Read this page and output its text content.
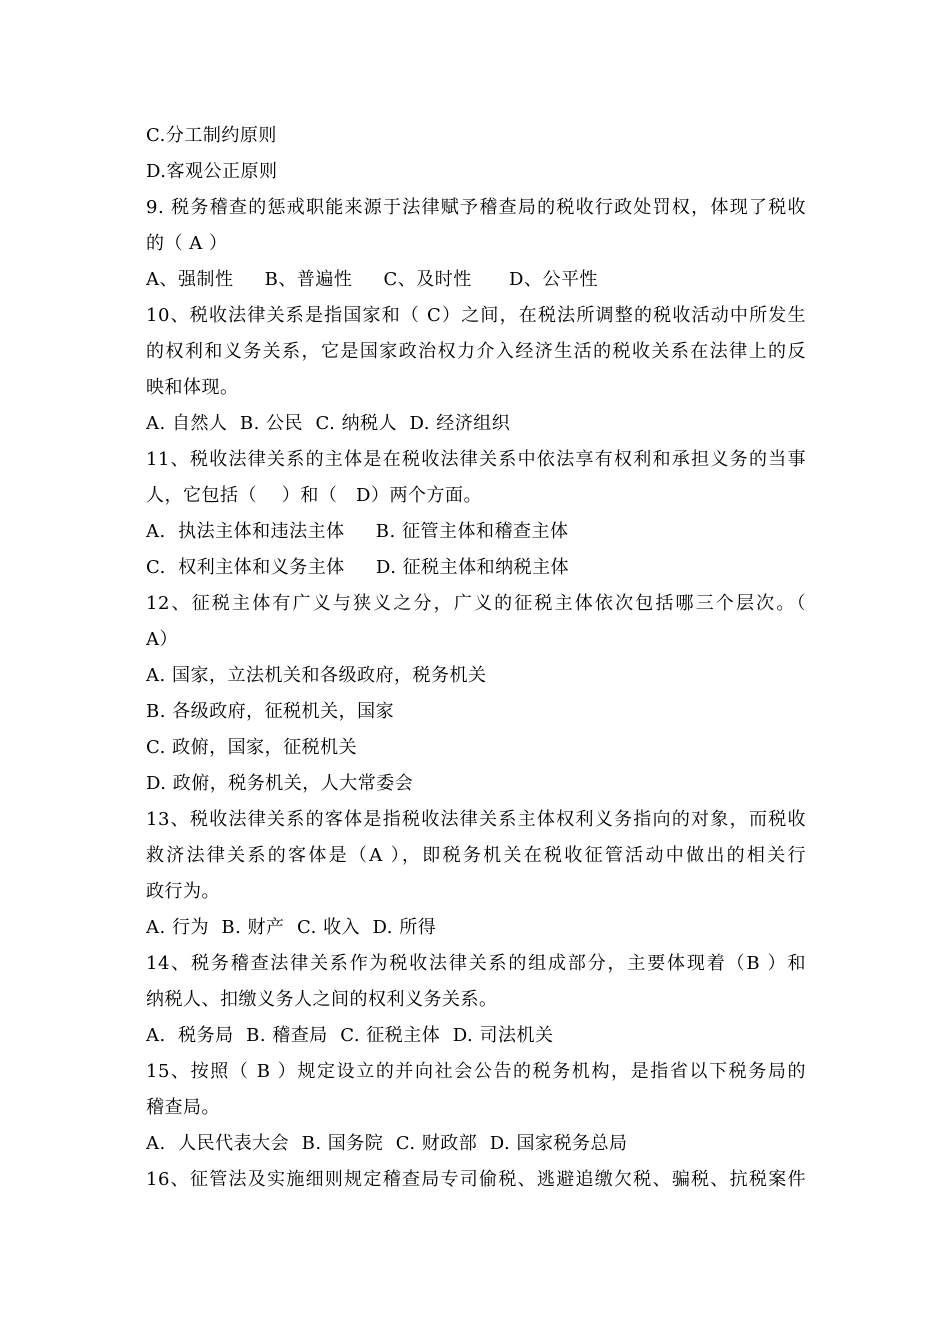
C.分工制约原则
D.客观公正原则
9. 税务稽查的惩戒职能来源于法律赋予稽查局的税收行政处罚权，体现了税收
的（ A ）
A、强制性     B、普遍性     C、及时性      D、公平性
10、税收法律关系是指国家和（ C）之间，在税法所调整的税收活动中所发生
的权利和义务关系，它是国家政治权力介入经济生活的税收关系在法律上的反
映和体现。
A. 自然人  B. 公民  C. 纳税人  D. 经济组织
11、税收法律关系的主体是在税收法律关系中依法享有权利和承担义务的当事
人，它包括（    ）和（   D）两个方面。
A.  执法主体和违法主体     B. 征管主体和稽查主体
C.  权利主体和义务主体     D. 征税主体和纳税主体
12、征税主体有广义与狭义之分，广义的征税主体依次包括哪三个层次。（
A）
A. 国家，立法机关和各级政府，税务机关
B. 各级政府，征税机关，国家
C. 政俯，国家，征税机关
D. 政俯，税务机关，人大常委会
13、税收法律关系的客体是指税收法律关系主体权利义务指向的对象，而税收
救济法律关系的客体是（A ），即税务机关在税收征管活动中做出的相关行
政行为。
A. 行为  B. 财产  C. 收入  D. 所得
14、税务稽查法律关系作为税收法律关系的组成部分，主要体现着（B ）和
纳税人、扣缴义务人之间的权利义务关系。
A.  税务局  B. 稽查局  C. 征税主体  D. 司法机关
15、按照（ B ）规定设立的并向社会公告的税务机构，是指省以下税务局的
稽查局。
A.  人民代表大会  B. 国务院  C. 财政部  D. 国家税务总局
16、征管法及实施细则规定稽查局专司偷税、逃避追缴欠税、骗税、抗税案件
